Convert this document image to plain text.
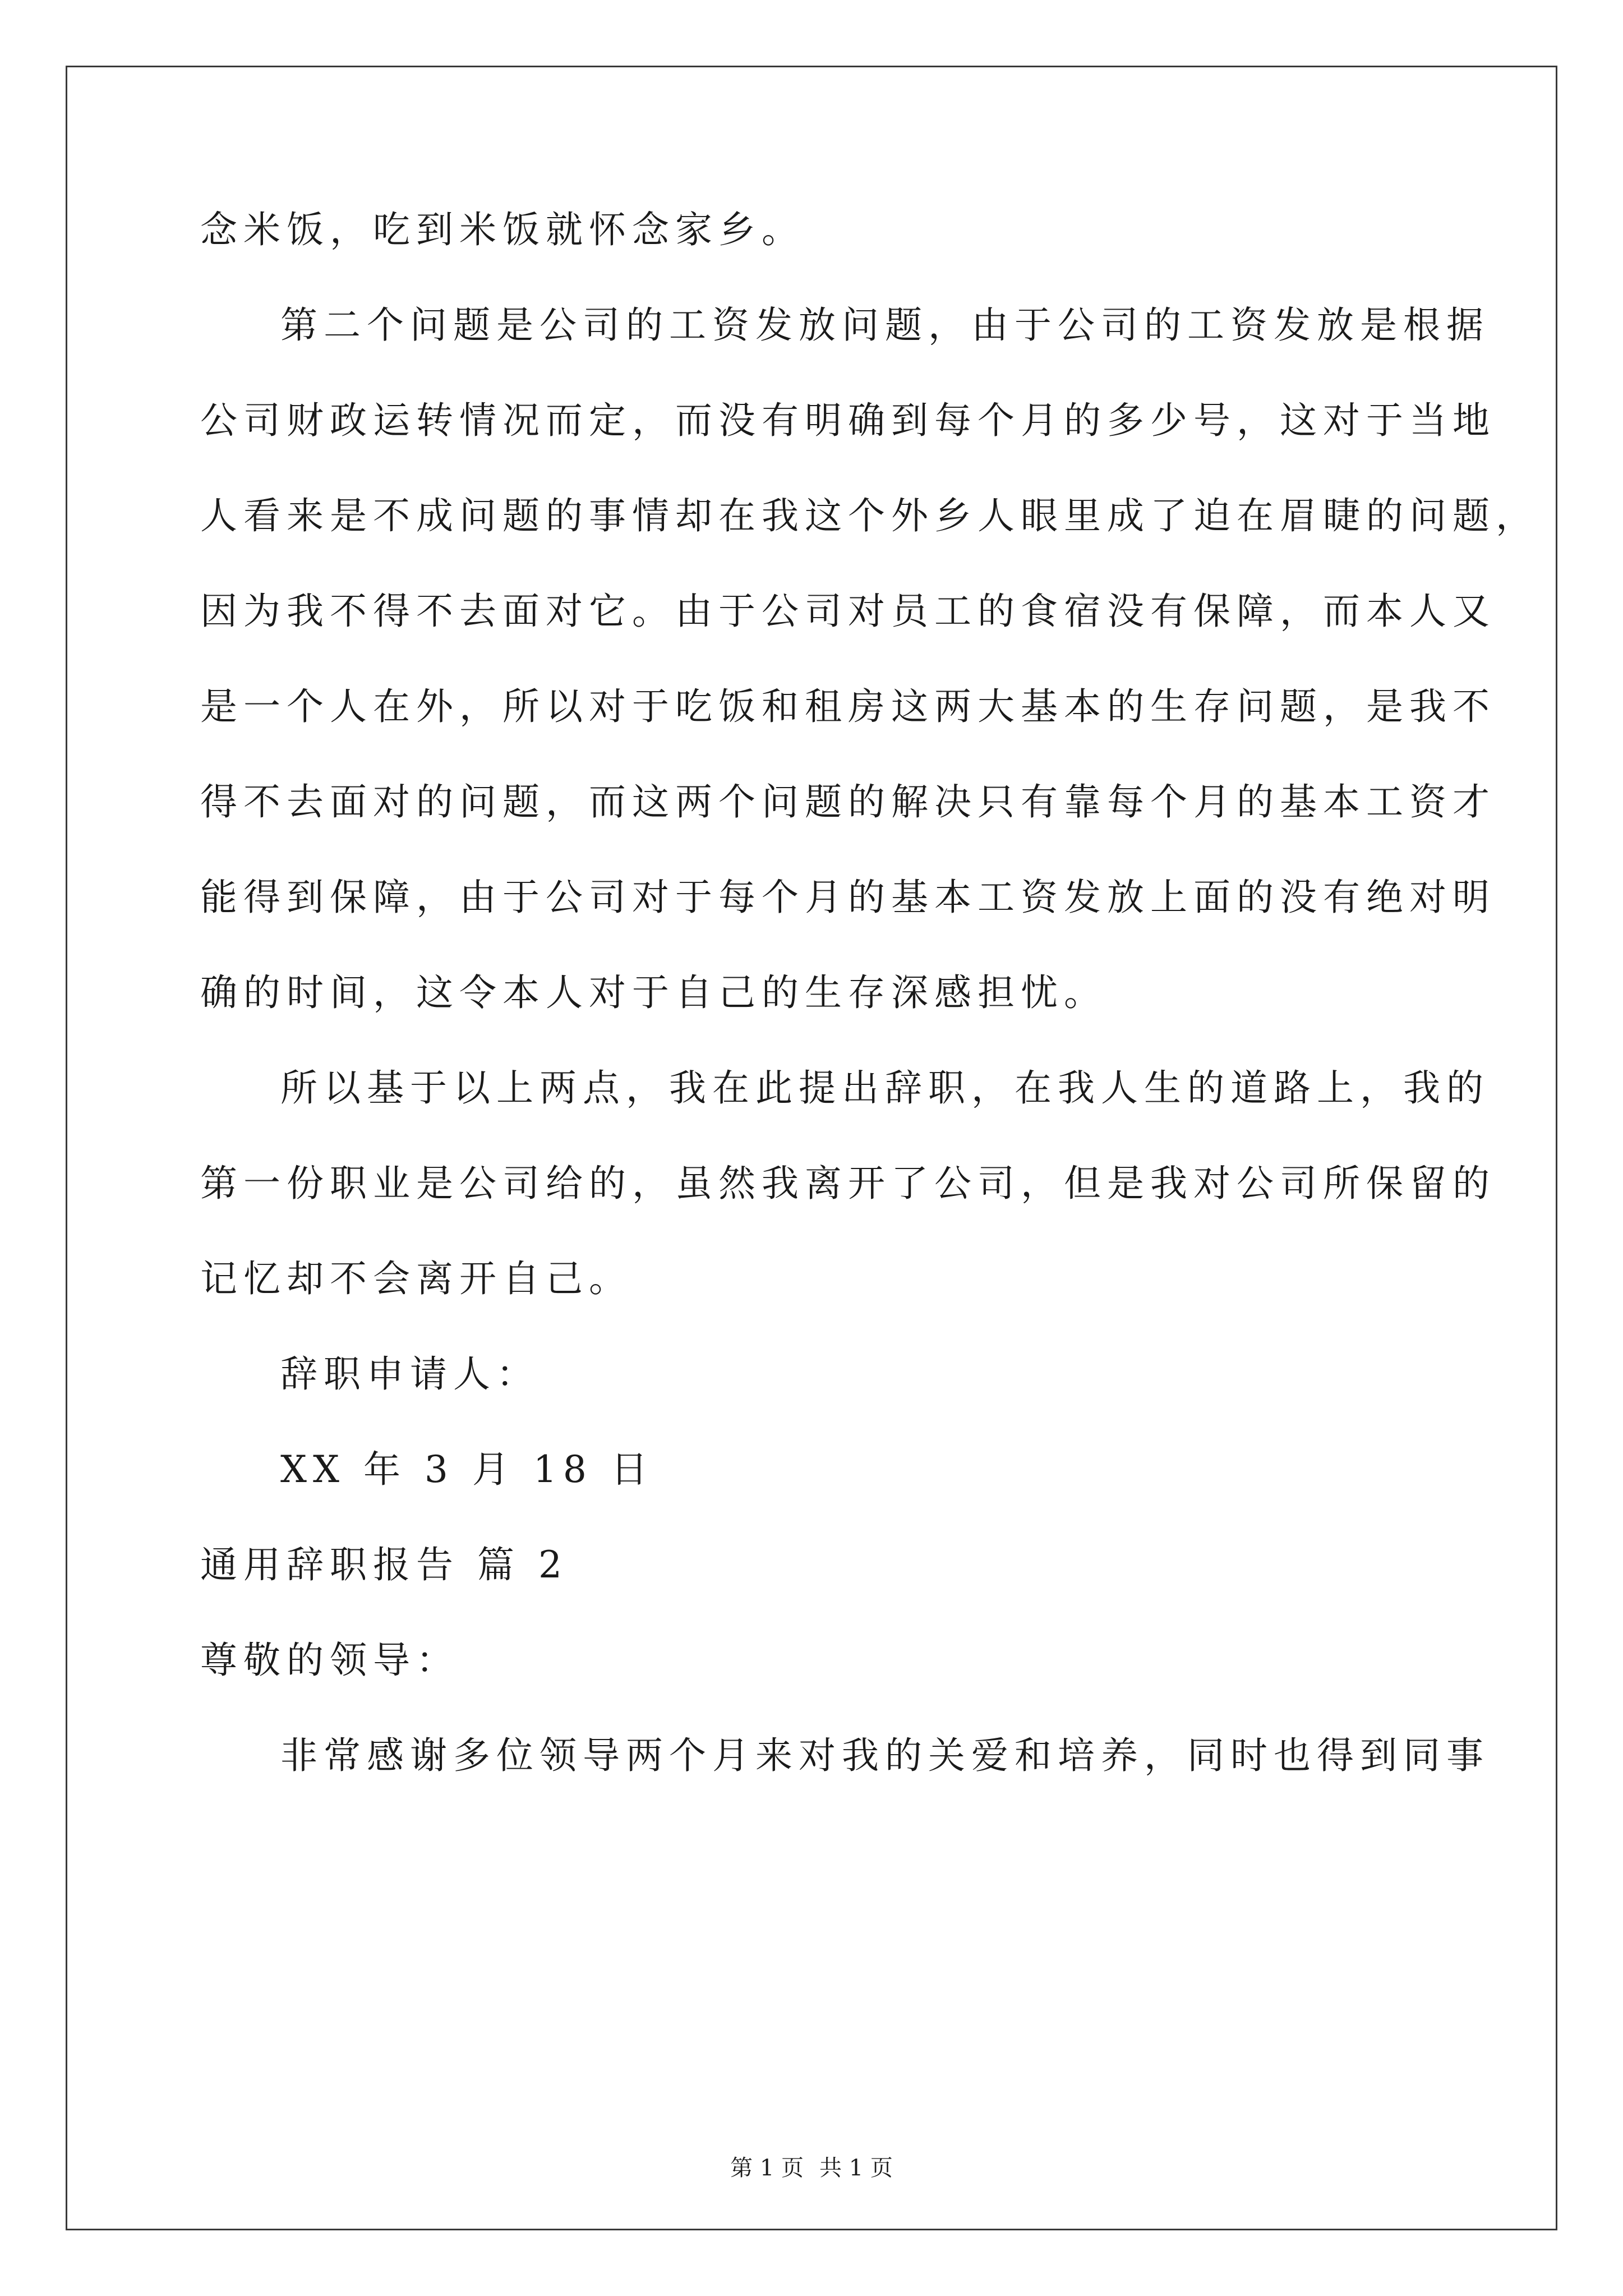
念米饭，吃到米饭就怀念家乡。
第二个问题是公司的工资发放问题，由于公司的工资发放是根据
公司财政运转情况而定，而没有明确到每个月的多少号，这对于当地
人看来是不成问题的事情却在我这个外乡人眼里成了迫在眉睫的问题，
因为我不得不去面对它。由于公司对员工的食宿没有保障，而本人又
是一个人在外，所以对于吃饭和租房这两大基本的生存问题，是我不
得不去面对的问题，而这两个问题的解决只有靠每个月的基本工资才
能得到保障，由于公司对于每个月的基本工资发放上面的没有绝对明
确的时间，这令本人对于自己的生存深感担忧。
所以基于以上两点，我在此提出辞职，在我人生的道路上，我的
第一份职业是公司给的，虽然我离开了公司，但是我对公司所保留的
记忆却不会离开自己。
辞职申请人：
XX 年 3 月 18 日
通用辞职报告 篇 2
尊敬的领导：
非常感谢多位领导两个月来对我的关爱和培养，同时也得到同事
第 1 页 共 1 页
